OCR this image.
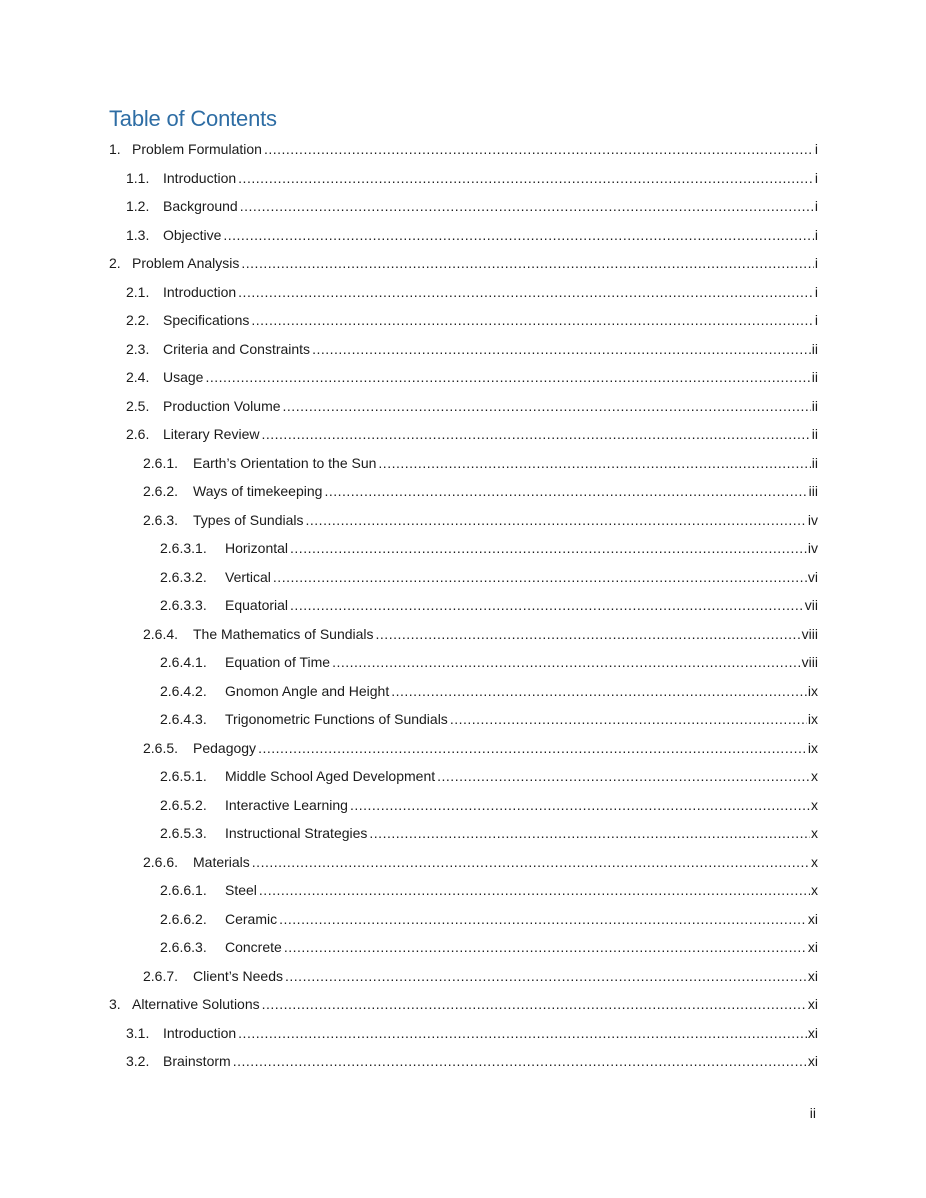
Table of Contents
1. Problem Formulation .....	i
1.1. Introduction .....	i
1.2. Background .....	i
1.3. Objective .....	i
2. Problem Analysis .....	i
2.1. Introduction .....	i
2.2. Specifications .....	i
2.3. Criteria and Constraints .....	ii
2.4. Usage .....	ii
2.5. Production Volume .....	ii
2.6. Literary Review .....	ii
2.6.1.	Earth’s Orientation to the Sun .....	ii
2.6.2.	Ways of timekeeping .....	iii
2.6.3.	Types of Sundials .....	iv
2.6.3.1.	Horizontal .....	iv
2.6.3.2.	Vertical .....	vi
2.6.3.3.	Equatorial .....	vii
2.6.4.	The Mathematics of Sundials .....	viii
2.6.4.1.	Equation of Time .....	viii
2.6.4.2.	Gnomon Angle and Height .....	ix
2.6.4.3.	Trigonometric Functions of Sundials .....	ix
2.6.5.	Pedagogy .....	ix
2.6.5.1.	Middle School Aged Development .....	x
2.6.5.2.	Interactive Learning .....	x
2.6.5.3.	Instructional Strategies .....	x
2.6.6.	Materials .....	x
2.6.6.1.	Steel .....	x
2.6.6.2.	Ceramic .....	xi
2.6.6.3.	Concrete .....	xi
2.6.7.	Client’s Needs .....	xi
3. Alternative Solutions .....	xi
3.1. Introduction .....	xi
3.2. Brainstorm .....	xi
ii
